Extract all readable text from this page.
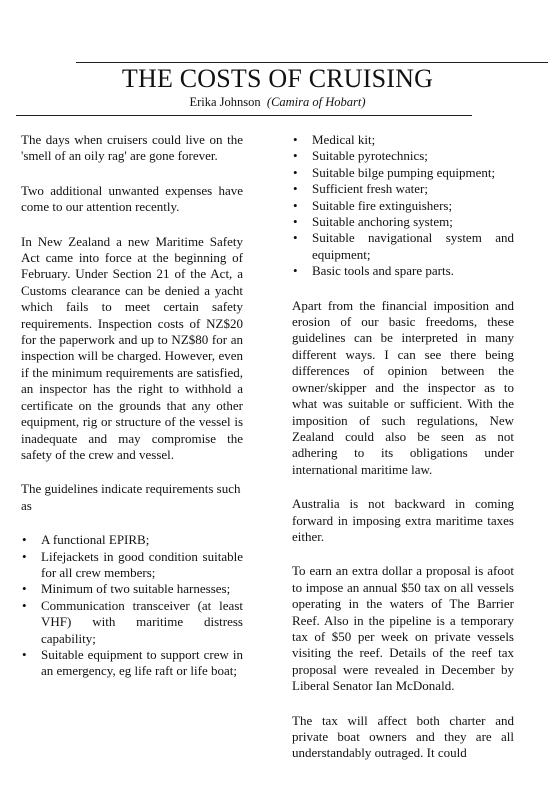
THE COSTS OF CRUISING
Erika Johnson (Camira of Hobart)

The days when cruisers could live on the 'smell of an oily rag' are gone forever.

Two additional unwanted expenses have come to our attention recently.

In New Zealand a new Maritime Safety Act came into force at the beginning of February. Under Section 21 of the Act, a Customs clearance can be denied a yacht which fails to meet certain safety requirements. Inspection costs of NZ$20 for the paperwork and up to NZ$80 for an inspection will be charged. However, even if the minimum requirements are satisfied, an inspector has the right to withhold a certificate on the grounds that any other equipment, rig or structure of the vessel is inadequate and may compromise the safety of the crew and vessel.

The guidelines indicate requirements such as

• A functional EPIRB;
• Lifejackets in good condition suitable for all crew members;
• Minimum of two suitable harnesses;
• Communication transceiver (at least VHF) with maritime distress capability;
• Suitable equipment to support crew in an emergency, eg life raft or life boat;
• Medical kit;
• Suitable pyrotechnics;
• Suitable bilge pumping equipment;
• Sufficient fresh water;
• Suitable fire extinguishers;
• Suitable anchoring system;
• Suitable navigational system and equipment;
• Basic tools and spare parts.

Apart from the financial imposition and erosion of our basic freedoms, these guidelines can be interpreted in many different ways. I can see there being differences of opinion between the owner/skipper and the inspector as to what was suitable or sufficient. With the imposition of such regulations, New Zealand could also be seen as not adhering to its obligations under international maritime law.

Australia is not backward in coming forward in imposing extra maritime taxes either.

To earn an extra dollar a proposal is afoot to impose an annual $50 tax on all vessels operating in the waters of The Barrier Reef. Also in the pipeline is a temporary tax of $50 per week on private vessels visiting the reef. Details of the reef tax proposal were revealed in December by Liberal Senator Ian McDonald.

The tax will affect both charter and private boat owners and they are all understandably outraged. It could
